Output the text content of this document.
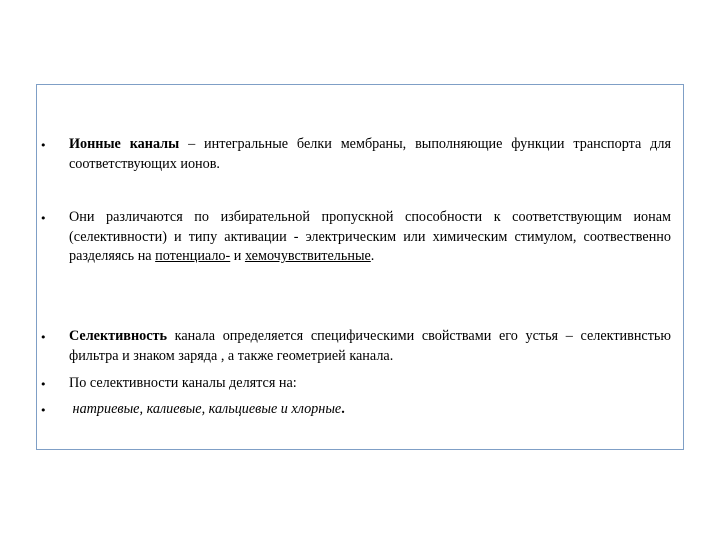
• Ионные каналы – интегральные белки мембраны, выполняющие функции транспорта для соответствующих ионов.
• Они различаются по избирательной пропускной способности к соответствующим ионам (селективности) и типу активации - электрическим или химическим стимулом, соотвественно разделяясь на потенциало- и хемочувствительные.
• Селективность канала определяется специфическими свойствами его устья – селективнстью фильтра и знаком заряда , а также геометрией канала.
• По селективности каналы делятся на:
• натриевые, калиевые, кальциевые и хлорные.
